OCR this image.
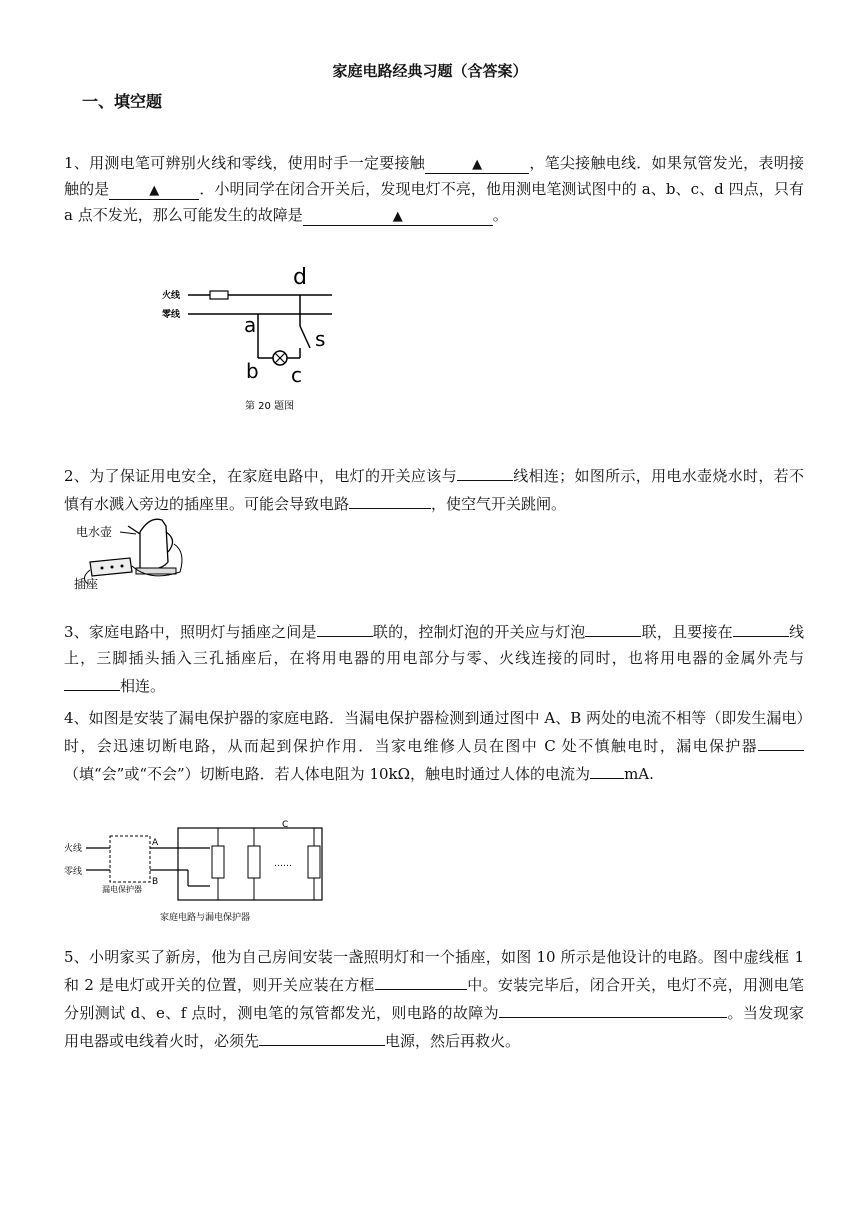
家庭电路经典习题（含答案）
一、填空题

1、用测电笔可辨别火线和零线，使用时手一定要接触	▲	，笔尖接触电线．如果氖管发光，表明接触的是	▲	．小明同学在闭合开关后，发现电灯不亮，他用测电笔测试图中的 a、b、c、d 四点，只有 a 点不发光，那么可能发生的故障是	▲	。

火线
零线
d
a
b c
s
第 20 题图

2、为了保证用电安全，在家庭电路中，电灯的开关应该与	线相连；如图所示，用电水壶烧水时，若不慎有水溅入旁边的插座里。可能会导致电路	，使空气开关跳闸。

电水壶
插座

3、家庭电路中，照明灯与插座之间是	联的，控制灯泡的开关应与灯泡	联，且要接在	线上，三脚插头插入三孔插座后，在将用电器的用电部分与零、火线连接的同时，也将用电器的金属外壳与相连。

4、如图是安装了漏电保护器的家庭电路．当漏电保护器检测到通过图中 A、B 两处的电流不相等（即发生漏电）时，会迅速切断电路，从而起到保护作用．当家电维修人员在图中 C 处不慎触电时，漏电保护器（填“会”或“不会”）切断电路．若人体电阻为 10kΩ，触电时通过人体的电流为 mA.

火线
零线
A
B
漏电保护器
……
C
家庭电路与漏电保护器

5、小明家买了新房，他为自己房间安装一盏照明灯和一个插座，如图 10 所示是他设计的电路。图中虚线框 1 和 2 是电灯或开关的位置，则开关应装在方框	中。安装完毕后，闭合开关，电灯不亮，用测电笔分别测试 d、e、f 点时，测电笔的氖管都发光，则电路的故障为	。当发现家用电器或电线着火时，必须先	电源，然后再救火。
